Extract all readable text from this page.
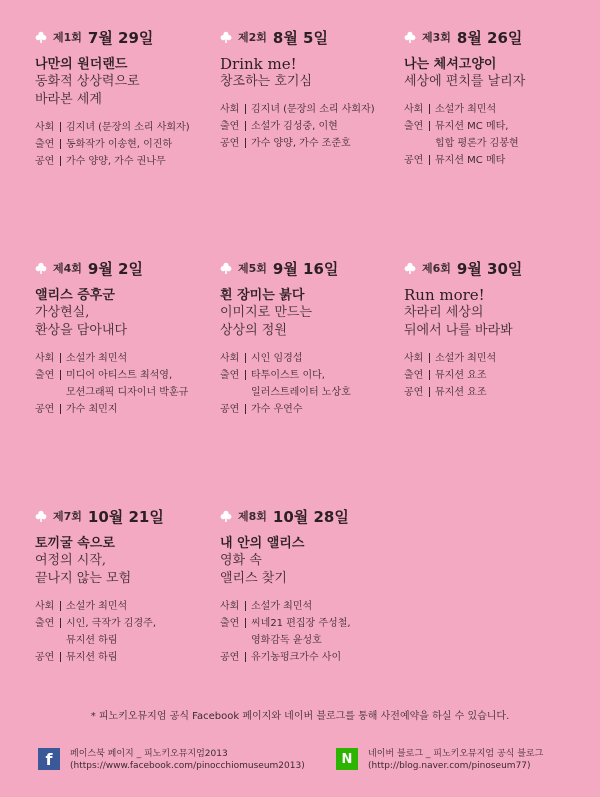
제1회 7월 29일
나만의 원더랜드
동화적 상상력으로
바라본 세계
사회 김지녀 (문장의 소리 사회자)
출연 동화작가 이송현, 이진하
공연 가수 양양, 가수 권나무
제2회 8월 5일
Drink me!
창조하는 호기심
사회 김지녀 (문장의 소리 사회자)
출연 소설가 김성중, 이현
공연 가수 양양, 가수 조준호
제3회 8월 26일
나는 체셔고양이
세상에 편치를 날리자
사회 소설가 최민석
출연 뮤지션 MC 메타,
힙합 평론가 김봉현
공연 뮤지션 MC 메타
제4회 9월 2일
앨리스 증후군
가상현실,
환상을 담아내다
사회 소설가 최민석
출연 미디어 아티스트 최석영,
모션그래픽 디자이너 박훈규
공연 가수 최민지
제5회 9월 16일
흰 장미는 붉다
이미지로 만드는
상상의 정원
사회 시인 임경섭
출연 타투이스트 이다,
일러스트레이터 노상호
공연 가수 우연수
제6회 9월 30일
Run more!
차라리 세상의
뒤에서 나를 바라봐
사회 소설가 최민석
출연 뮤지션 요조
공연 뮤지션 요조
제7회 10월 21일
토끼굴 속으로
여정의 시작,
끝나지 않는 모험
사회 소설가 최민석
출연 시인, 극작가 김경주,
뮤지션 하림
공연 뮤지션 하림
제8회 10월 28일
내 안의 앨리스
영화 속
앨리스 찾기
사회 소설가 최민석
출연 씨네21 편집장 주성철,
영화감독 윤성호
공연 유기농펑크가수 사이
* 피노키오뮤지엄 공식 Facebook 페이지와 네이버 블로그를 통해 사전예약을 하실 수 있습니다.
f	페이스북 페이지 _ 피노키오뮤지엄2013
(https://www.facebook.com/pinocchiomuseum2013)	N	네이버 블로그 _ 피노키오뮤지엄 공식 블로그
(http://blog.naver.com/pinoseum77)
